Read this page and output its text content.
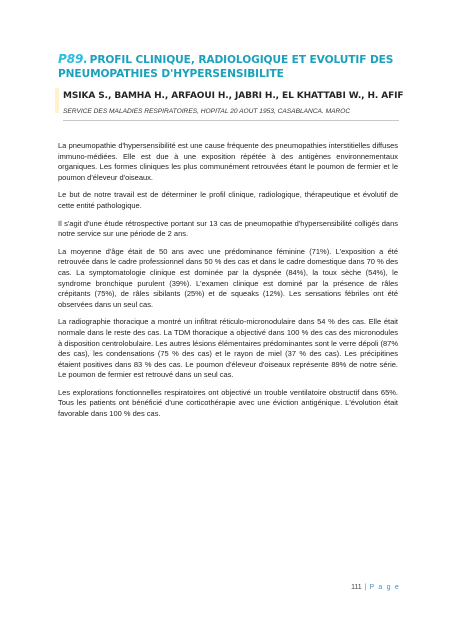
P89. PROFIL CLINIQUE, RADIOLOGIQUE ET EVOLUTIF DES
PNEUMOPATHIES D'HYPERSENSIBILITE
MSIKA S., BAMHA H., ARFAOUI H., JABRI H., EL KHATTABI W., H. AFIF
SERVICE DES MALADIES RESPIRATOIRES, HOPITAL 20 AOUT 1953, CASABLANCA. MAROC

La pneumopathie d'hypersensibilité est une cause fréquente des pneumopathies interstitielles diffuses immuno-médiées. Elle est due à une exposition répétée à des antigènes environnementaux organiques. Les formes cliniques les plus communément retrouvées étant le poumon de fermier et le poumon d'éleveur d'oiseaux.

Le but de notre travail est de déterminer le profil clinique, radiologique, thérapeutique et évolutif de cette entité pathologique.

Il s'agit d'une étude rétrospective portant sur 13 cas de pneumopathie d'hypersensibilité colligés dans notre service sur une période de 2 ans.

La moyenne d'âge était de 50 ans avec une prédominance féminine (71%). L'exposition a été retrouvée dans le cadre professionnel dans 50 % des cas et dans le cadre domestique dans 70 % des cas. La symptomatologie clinique est dominée par la dyspnée (84%), la toux sèche (54%), le syndrome bronchique purulent (39%). L'examen clinique est dominé par la présence de râles crépitants (75%), de râles sibilants (25%) et de squeaks (12%). Les sensations fébriles ont été observées dans un seul cas.

La radiographie thoracique a montré un infiltrat réticulo-micronodulaire dans 54 % des cas. Elle était normale dans le reste des cas. La TDM thoracique a objectivé dans 100 % des cas des micronodules à disposition centrolobulaire. Les autres lésions élémentaires prédominantes sont le verre dépoli (87% des cas), les condensations (75 % des cas) et le rayon de miel (37 % des cas). Les précipitines étaient positives dans 83 % des cas. Le poumon d'éleveur d'oiseaux représente 89% de notre série. Le poumon de fermier est retrouvé dans un seul cas.

Les explorations fonctionnelles respiratoires ont objectivé un trouble ventilatoire obstructif dans 65%. Tous les patients ont bénéficié d'une corticothérapie avec une éviction antigénique. L'évolution était favorable dans 100 % des cas.

111 | P a g e
